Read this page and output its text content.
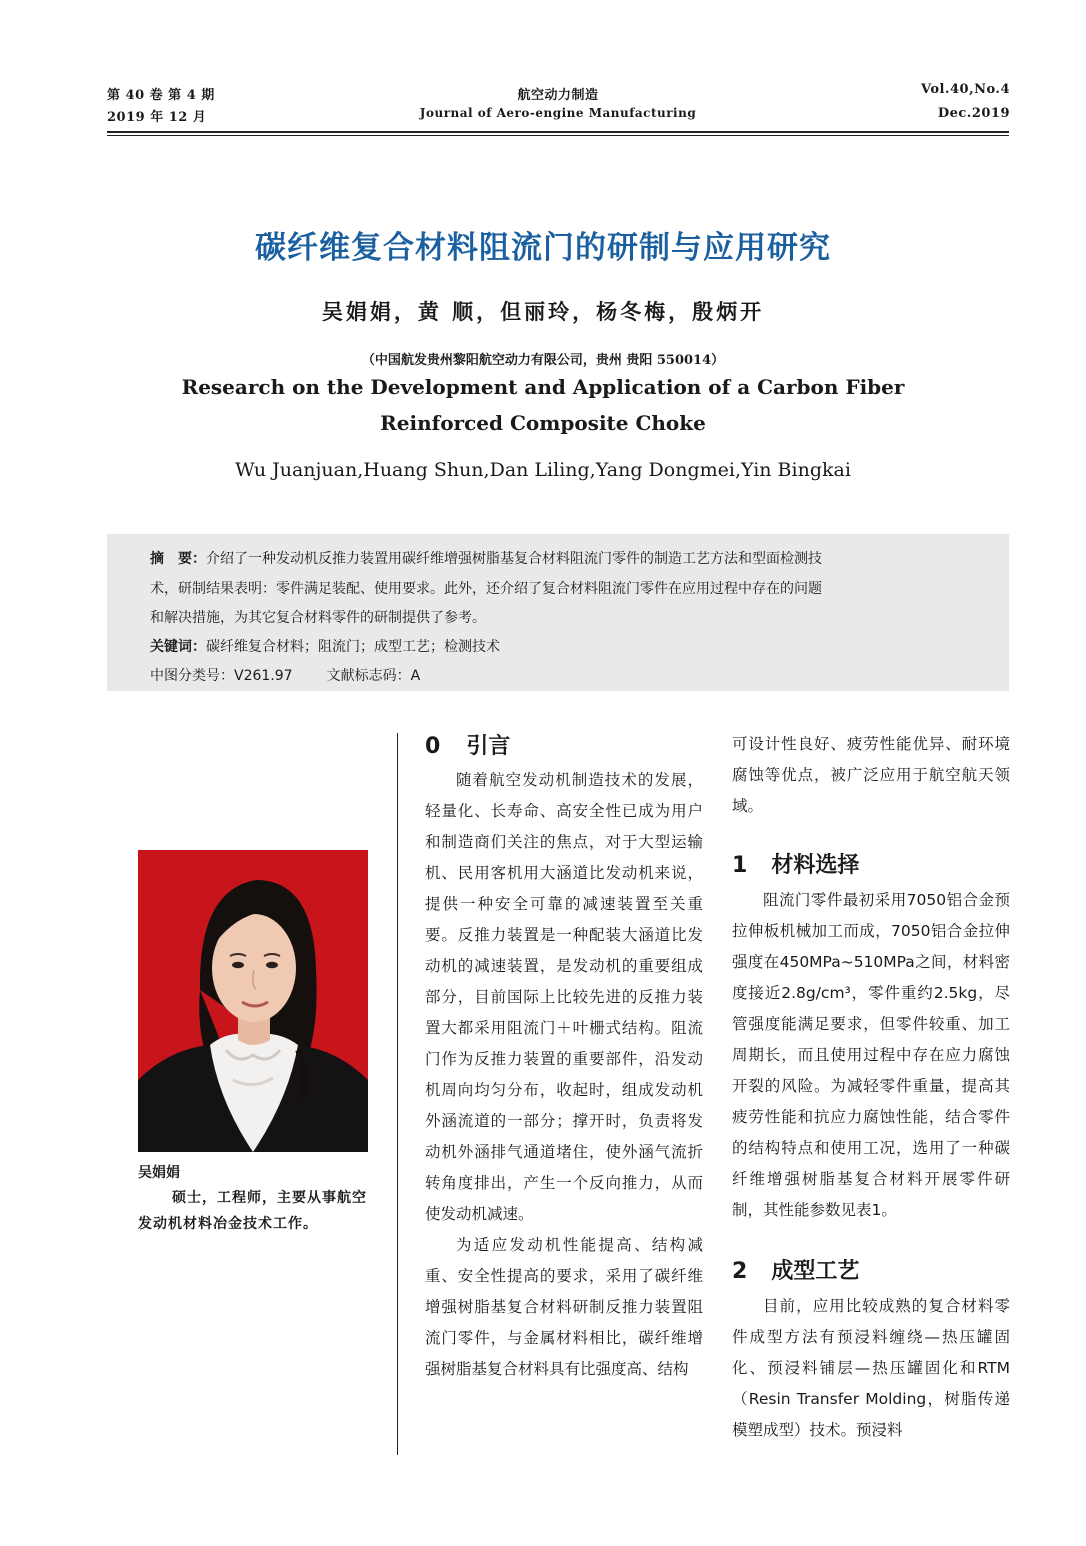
第 40 卷 第 4 期
2019 年 12 月
航空动力制造
Journal of Aero-engine Manufacturing
Vol.40,No.4
Dec.2019
碳纤维复合材料阻流门的研制与应用研究
吴娟娟，黄 顺，但丽玲，杨冬梅，殷炳开
（中国航发贵州黎阳航空动力有限公司，贵州 贵阳 550014）
Research on the Development and Application of a Carbon Fiber
Reinforced Composite Choke
Wu Juanjuan,Huang Shun,Dan Liling,Yang Dongmei,Yin Bingkai
摘　要：介绍了一种发动机反推力装置用碳纤维增强树脂基复合材料阻流门零件的制造工艺方法和型面检测技
术，研制结果表明：零件满足装配、使用要求。此外，还介绍了复合材料阻流门零件在应用过程中存在的问题
和解决措施，为其它复合材料零件的研制提供了参考。
关键词：碳纤维复合材料；阻流门；成型工艺；检测技术
中图分类号：V261.97 文献标志码：A
吴娟娟
硕士，工程师，主要从事航空发动机材料冶金技术工作。
0 引言

随着航空发动机制造技术的发展，轻量化、长寿命、高安全性已成为用户和制造商们关注的焦点，对于大型运输机、民用客机用大涵道比发动机来说，提供一种安全可靠的减速装置至关重要。反推力装置是一种配装大涵道比发动机的减速装置，是发动机的重要组成部分，目前国际上比较先进的反推力装置大都采用阻流门＋叶栅式结构。阻流门作为反推力装置的重要部件，沿发动机周向均匀分布，收起时，组成发动机外涵流道的一部分；撑开时，负责将发动机外涵排气通道堵住，使外涵气流折转角度排出，产生一个反向推力，从而使发动机减速。

为适应发动机性能提高、结构减重、安全性提高的要求，采用了碳纤维增强树脂基复合材料研制反推力装置阻流门零件，与金属材料相比，碳纤维增强树脂基复合材料具有比强度高、结构

可设计性良好、疲劳性能优异、耐环境腐蚀等优点，被广泛应用于航空航天领域。

1 材料选择

阻流门零件最初采用7050铝合金预拉伸板机械加工而成，7050铝合金拉伸强度在450MPa~510MPa之间，材料密度接近2.8g/cm³，零件重约2.5kg，尽管强度能满足要求，但零件较重、加工周期长，而且使用过程中存在应力腐蚀开裂的风险。为减轻零件重量，提高其疲劳性能和抗应力腐蚀性能，结合零件的结构特点和使用工况，选用了一种碳纤维增强树脂基复合材料开展零件研制，其性能参数见表1。

2 成型工艺

目前，应用比较成熟的复合材料零件成型方法有预浸料缠绕—热压罐固化、预浸料铺层—热压罐固化和RTM（Resin Transfer Molding，树脂传递模塑成型）技术。预浸料
